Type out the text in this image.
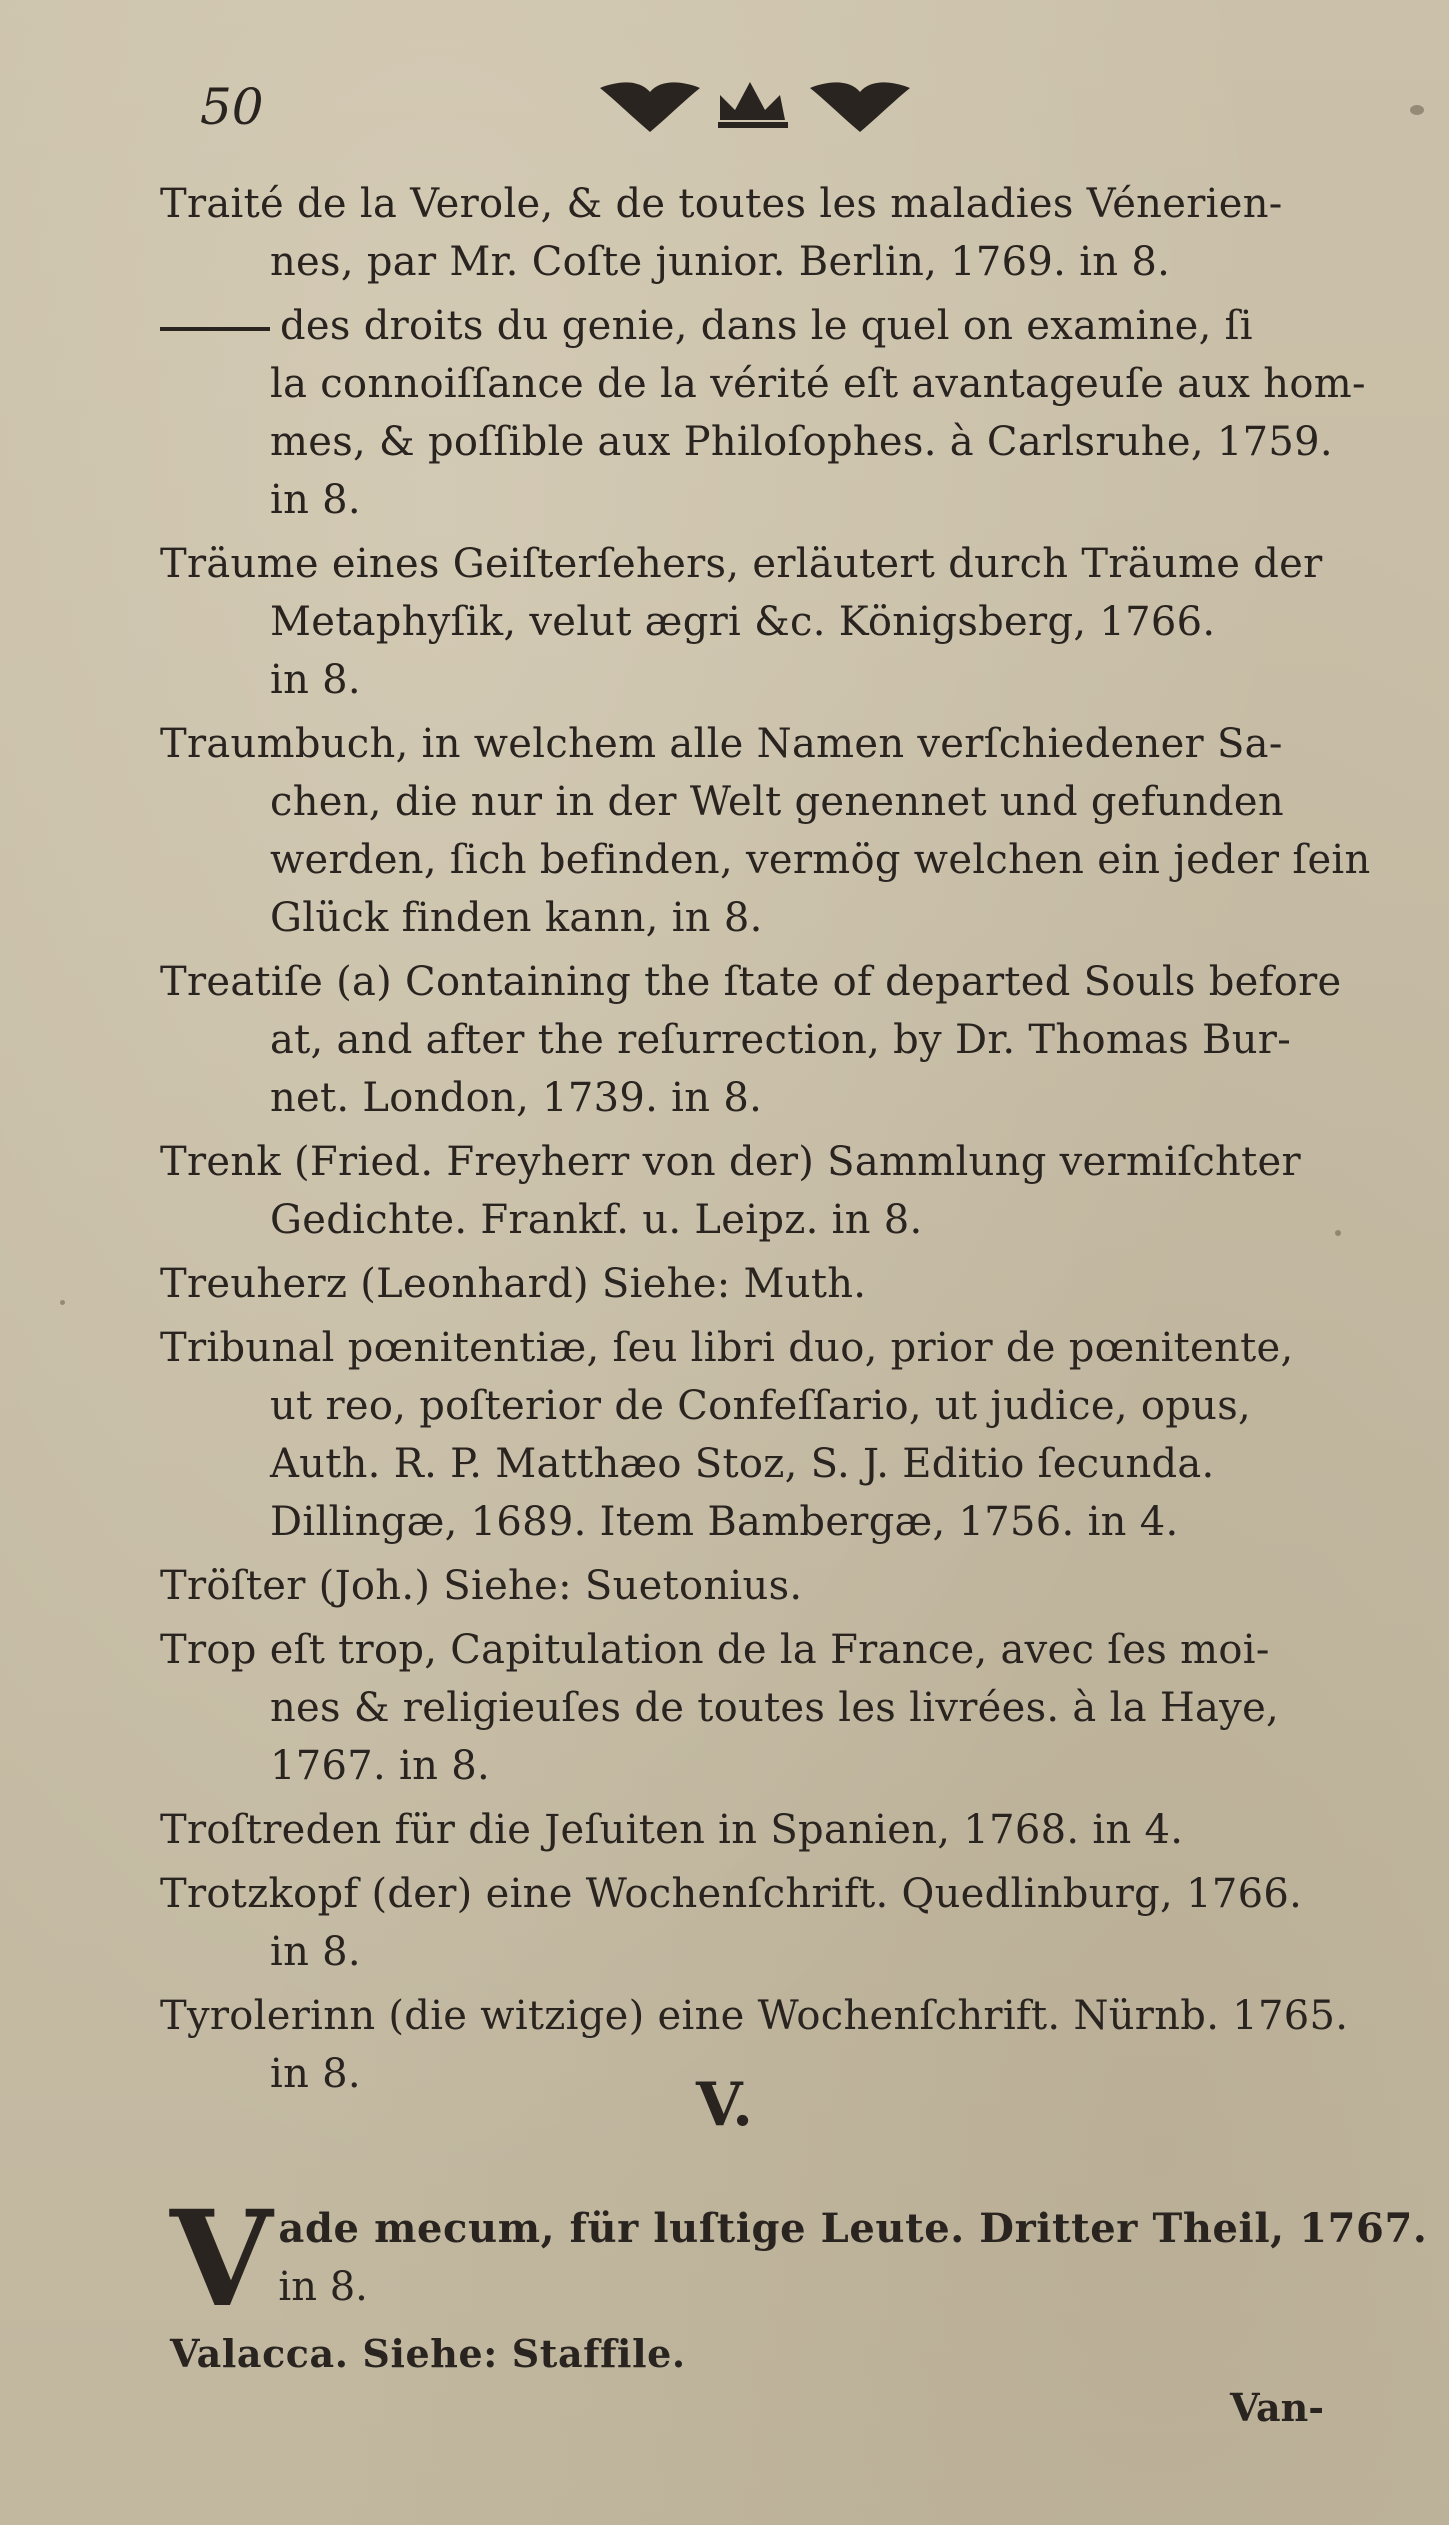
50
Traité de la Verole, & de toutes les maladies Vénerien-
nes, par Mr. Coſte junior. Berlin, 1769. in 8.
des droits du genie, dans le quel on examine, ſi
la connoiſſance de la vérité eſt avantageuſe aux hom-
mes, & poſſible aux Philoſophes. à Carlsruhe, 1759.
in 8.
Träume eines Geiſterſehers, erläutert durch Träume der
Metaphyſik, velut ægri &c. Königsberg, 1766.
in 8.
Traumbuch, in welchem alle Namen verſchiedener Sa-
chen, die nur in der Welt genennet und gefunden
werden, ſich befinden, vermög welchen ein jeder ſein
Glück finden kann, in 8.
Treatiſe (a) Containing the ſtate of departed Souls before
at, and after the reſurrection, by Dr. Thomas Bur-
net. London, 1739. in 8.
Trenk (Fried. Freyherr von der) Sammlung vermiſchter
Gedichte. Frankf. u. Leipz. in 8.
Treuherz (Leonhard) Siehe: Muth.
Tribunal pœnitentiæ, ſeu libri duo, prior de pœnitente,
ut reo, poſterior de Confeſſario, ut judice, opus,
Auth. R. P. Matthæo Stoz, S. J. Editio ſecunda.
Dillingæ, 1689. Item Bambergæ, 1756. in 4.
Tröſter (Joh.) Siehe: Suetonius.
Trop eſt trop, Capitulation de la France, avec ſes moi-
nes & religieuſes de toutes les livrées. à la Haye,
1767. in 8.
Troſtreden für die Jeſuiten in Spanien, 1768. in 4.
Trotzkopf (der) eine Wochenſchrift. Quedlinburg, 1766.
in 8.
Tyrolerinn (die witzige) eine Wochenſchrift. Nürnb. 1765.
in 8.	V.
V ade mecum, für luſtige Leute. Dritter Theil, 1767.
in 8.
Valacca. Siehe: Staffile.
Van-
